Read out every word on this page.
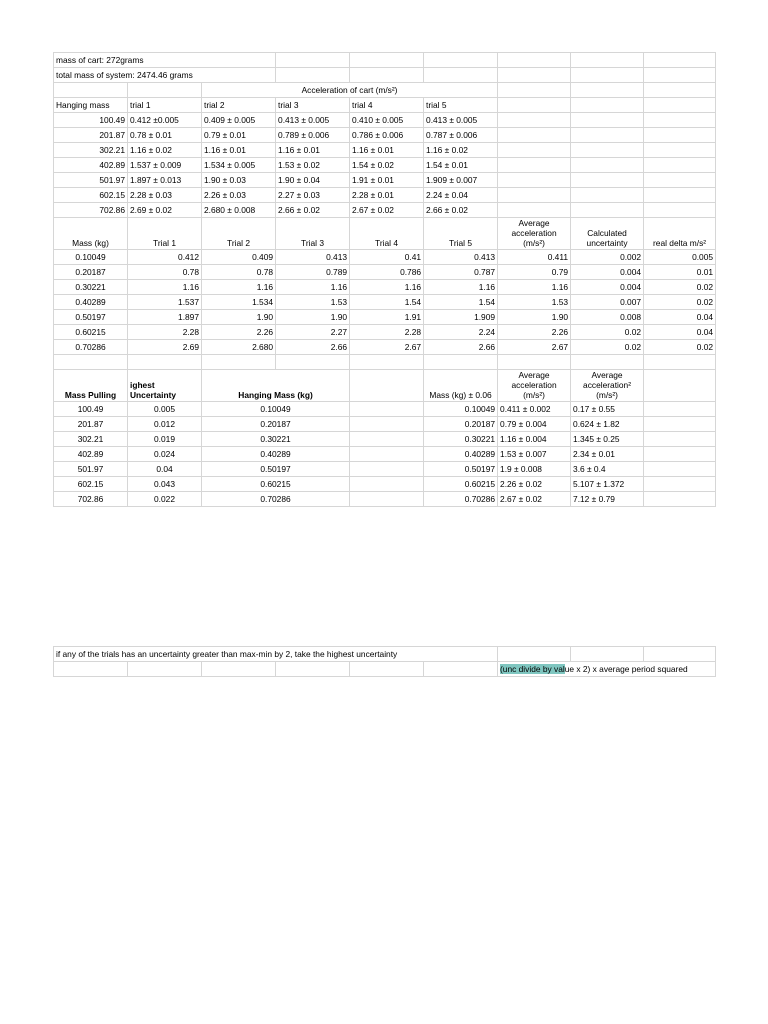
mass of cart: 272grams								
total mass of system: 2474.46 grams								
		Acceleration of cart (m/s²)						
Hanging mass	trial 1	trial 2	trial 3	trial 4	trial 5			
100.49	0.412 ±0.005	0.409 ± 0.005	0.413 ± 0.005	0.410 ± 0.005	0.413 ± 0.005			
201.87	0.78 ± 0.01	0.79 ± 0.01	0.789 ± 0.006	0.786 ± 0.006	0.787 ± 0.006			
302.21	1.16 ± 0.02	1.16 ± 0.01	1.16 ± 0.01	1.16 ± 0.01	1.16 ± 0.02			
402.89	1.537 ± 0.009	1.534 ± 0.005	1.53 ± 0.02	1.54 ± 0.02	1.54 ± 0.01			
501.97	1.897 ± 0.013	1.90 ± 0.03	1.90 ± 0.04	1.91 ± 0.01	1.909 ± 0.007			
602.15	2.28 ± 0.03	2.26 ± 0.03	2.27 ± 0.03	2.28 ± 0.01	2.24 ± 0.04			
702.86	2.69 ± 0.02	2.680 ± 0.008	2.66 ± 0.02	2.67 ± 0.02	2.66 ± 0.02			
Mass (kg)	Trial 1	Trial 2	Trial 3	Trial 4	Trial 5	Average acceleration (m/s²)	Calculated uncertainty	real delta m/s²
0.10049	0.412	0.409	0.413	0.41	0.413	0.411	0.002	0.005
0.20187	0.78	0.78	0.789	0.786	0.787	0.79	0.004	0.01
0.30221	1.16	1.16	1.16	1.16	1.16	1.16	0.004	0.02
0.40289	1.537	1.534	1.53	1.54	1.54	1.53	0.007	0.02
0.50197	1.897	1.90	1.90	1.91	1.909	1.90	0.008	0.04
0.60215	2.28	2.26	2.27	2.28	2.24	2.26	0.02	0.04
0.70286	2.69	2.680	2.66	2.67	2.66	2.67	0.02	0.02

Mass Pulling	ighest Uncertainty	Hanging Mass (kg)			Mass (kg) ± 0.06	Average acceleration (m/s²)	Average acceleration² (m/s²)	
100.49	0.005	0.10049			0.10049	0.411 ± 0.002	0.17 ± 0.55	
201.87	0.012	0.20187			0.20187	0.79 ± 0.004	0.624 ± 1.82	
302.21	0.019	0.30221			0.30221	1.16 ± 0.004	1.345 ± 0.25	
402.89	0.024	0.40289			0.40289	1.53 ± 0.007	2.34 ± 0.01	
501.97	0.04	0.50197			0.50197	1.9 ± 0.008	3.6 ± 0.4	
602.15	0.043	0.60215			0.60215	2.26 ± 0.02	5.107 ± 1.372	
702.86	0.022	0.70286			0.70286	2.67 ± 0.02	7.12 ± 0.79	
if any of the trials has an uncertainty greater than max-min by 2, take the highest uncertainty								
						(unc divide by value x 2) x average period squared		
